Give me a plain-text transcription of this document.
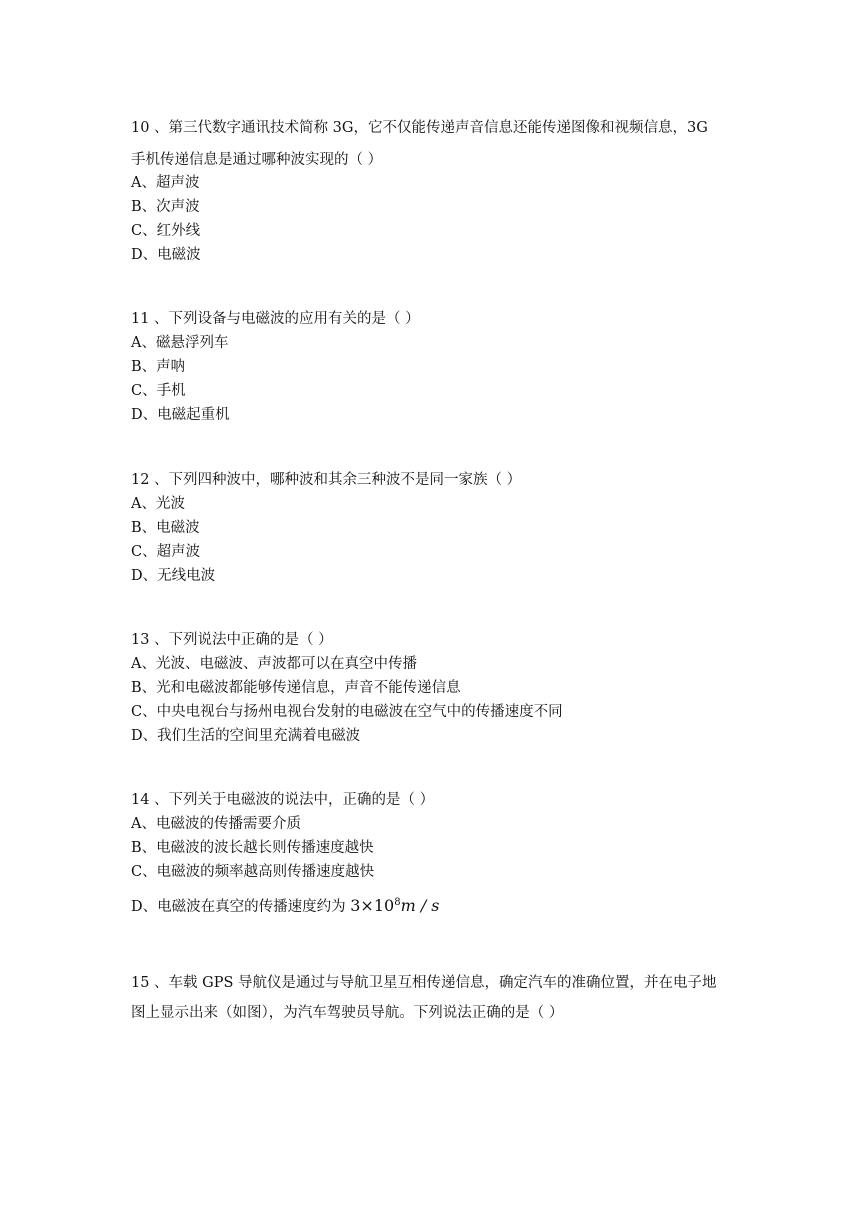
10 、第三代数字通讯技术简称 3G，它不仅能传递声音信息还能传递图像和视频信息，3G
手机传递信息是通过哪种波实现的（ ）
A、超声波
B、次声波
C、红外线
D、电磁波
11 、下列设备与电磁波的应用有关的是（ ）
A、磁悬浮列车
B、声呐
C、手机
D、电磁起重机
12 、下列四种波中，哪种波和其余三种波不是同一家族（ ）
A、光波
B、电磁波
C、超声波
D、无线电波
13 、下列说法中正确的是（ ）
A、光波、电磁波、声波都可以在真空中传播
B、光和电磁波都能够传递信息，声音不能传递信息
C、中央电视台与扬州电视台发射的电磁波在空气中的传播速度不同
D、我们生活的空间里充满着电磁波
14 、下列关于电磁波的说法中，正确的是（ ）
A、电磁波的传播需要介质
B、电磁波的波长越长则传播速度越快
C、电磁波的频率越高则传播速度越快
D、电磁波在真空的传播速度约为 $3\times 10^8m / s$
15 、车载 GPS 导航仪是通过与导航卫星互相传递信息，确定汽车的准确位置，并在电子地
图上显示出来（如图），为汽车驾驶员导航。下列说法正确的是（ ）
